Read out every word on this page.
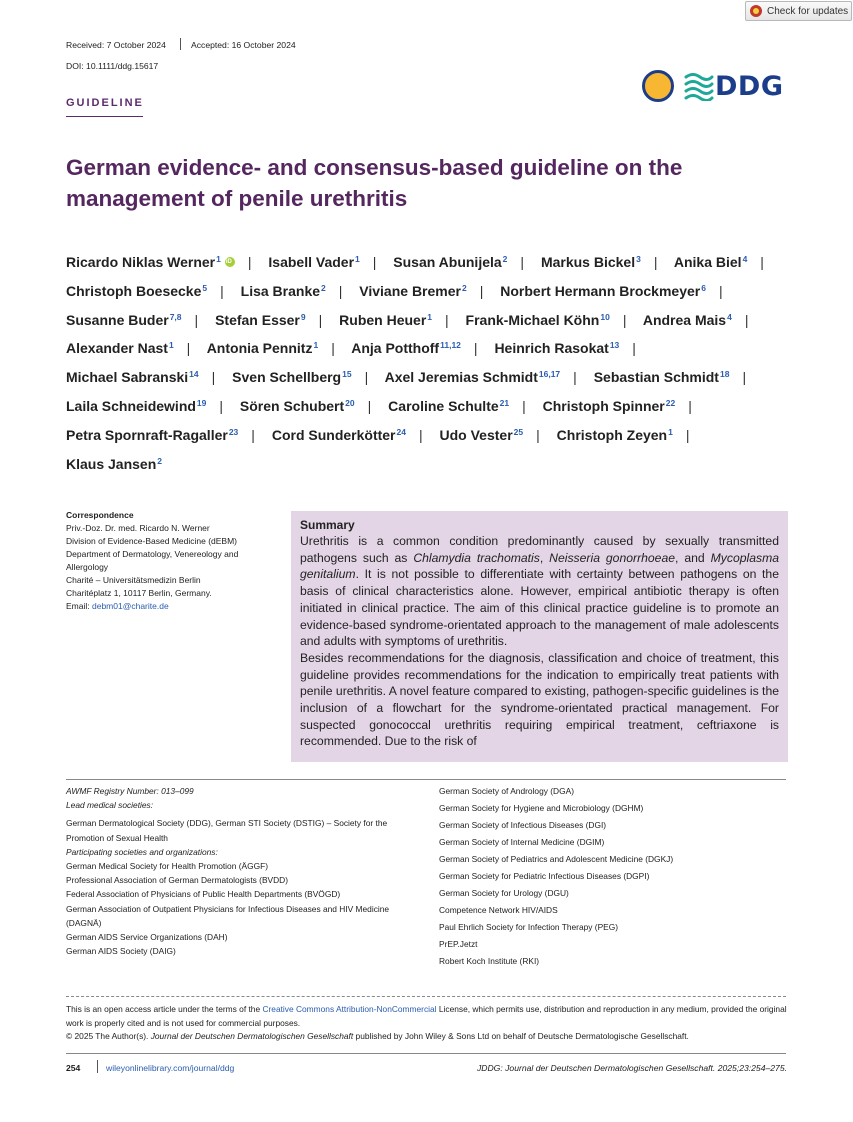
Check for updates
Received: 7 October 2024	Accepted: 16 October 2024
DOI: 10.1111/ddg.15617
DDG
GUIDELINE
German evidence- and consensus-based guideline on the management of penile urethritis
Ricardo Niklas Werner$^1$iD | Isabell Vader$^1$ | Susan Abunijela$^2$ | Markus Bickel$^3$ | Anika Biel$^4$ | Christoph Boesecke$^5$ | Lisa Branke$^2$ | Viviane Bremer$^2$ | Norbert Hermann Brockmeyer$^6$ | Susanne Buder$^{7,8}$ | Stefan Esser$^9$ | Ruben Heuer$^1$ | Frank-Michael Köhn$^{10}$ | Andrea Mais$^4$ | Alexander Nast$^1$ | Antonia Pennitz$^1$ | Anja Potthoff$^{11,12}$ | Heinrich Rasokat$^{13}$ | Michael Sabranski$^{14}$ | Sven Schellberg$^{15}$ | Axel Jeremias Schmidt$^{16,17}$ | Sebastian Schmidt$^{18}$ | Laila Schneidewind$^{19}$ | Sören Schubert$^{20}$ | Caroline Schulte$^{21}$ | Christoph Spinner$^{22}$ | Petra Spornraft-Ragaller$^{23}$ | Cord Sunderkötter$^{24}$ | Udo Vester$^{25}$ | Christoph Zeyen$^1$ | Klaus Jansen$^2$
Correspondence
Priv.-Doz. Dr. med. Ricardo N. Werner
Division of Evidence-Based Medicine (dEBM)
Department of Dermatology, Venereology and Allergology
Charité – Universitätsmedizin Berlin
Charitéplatz 1, 10117 Berlin, Germany.
Email: debm01@charite.de
Summary

Urethritis is a common condition predominantly caused by sexually transmitted pathogens such as Chlamydia trachomatis, Neisseria gonorrhoeae, and Mycoplasma genitalium. It is not possible to differentiate with certainty between pathogens on the basis of clinical characteristics alone. However, empirical antibiotic therapy is often initiated in clinical practice. The aim of this clinical practice guideline is to promote an evidence-based syndrome-orientated approach to the management of male adolescents and adults with symptoms of urethritis.

Besides recommendations for the diagnosis, classification and choice of treatment, this guideline provides recommendations for the indication to empirically treat patients with penile urethritis. A novel feature compared to existing, pathogen-specific guidelines is the inclusion of a flowchart for the syndrome-orientated practical management. For suspected gonococcal urethritis requiring empirical treatment, ceftriaxone is recommended. Due to the risk of

AWMF Registry Number: 013–099
Lead medical societies:
German Dermatological Society (DDG), German STI Society (DSTIG) – Society for the Promotion of Sexual Health
Participating societies and organizations:
German Medical Society for Health Promotion (ÄGGF)
Professional Association of German Dermatologists (BVDD)
Federal Association of Physicians of Public Health Departments (BVÖGD)
German Association of Outpatient Physicians for Infectious Diseases and HIV Medicine (DAGNÄ)
German AIDS Service Organizations (DAH)
German AIDS Society (DAIG)
German Society of Andrology (DGA)
German Society for Hygiene and Microbiology (DGHM)
German Society of Infectious Diseases (DGI)
German Society of Internal Medicine (DGIM)
German Society of Pediatrics and Adolescent Medicine (DGKJ)
German Society for Pediatric Infectious Diseases (DGPI)
German Society for Urology (DGU)
Competence Network HIV/AIDS
Paul Ehrlich Society for Infection Therapy (PEG)
PrEP.Jetzt
Robert Koch Institute (RKI)
This is an open access article under the terms of the Creative Commons Attribution-NonCommercial License, which permits use, distribution and reproduction in any medium, provided the original work is properly cited and is not used for commercial purposes.
© 2025 The Author(s). Journal der Deutschen Dermatologischen Gesellschaft published by John Wiley & Sons Ltd on behalf of Deutsche Dermatologische Gesellschaft.
254	wileyonlinelibrary.com/journal/ddg	JDDG: Journal der Deutschen Dermatologischen Gesellschaft. 2025;23:254–275.
